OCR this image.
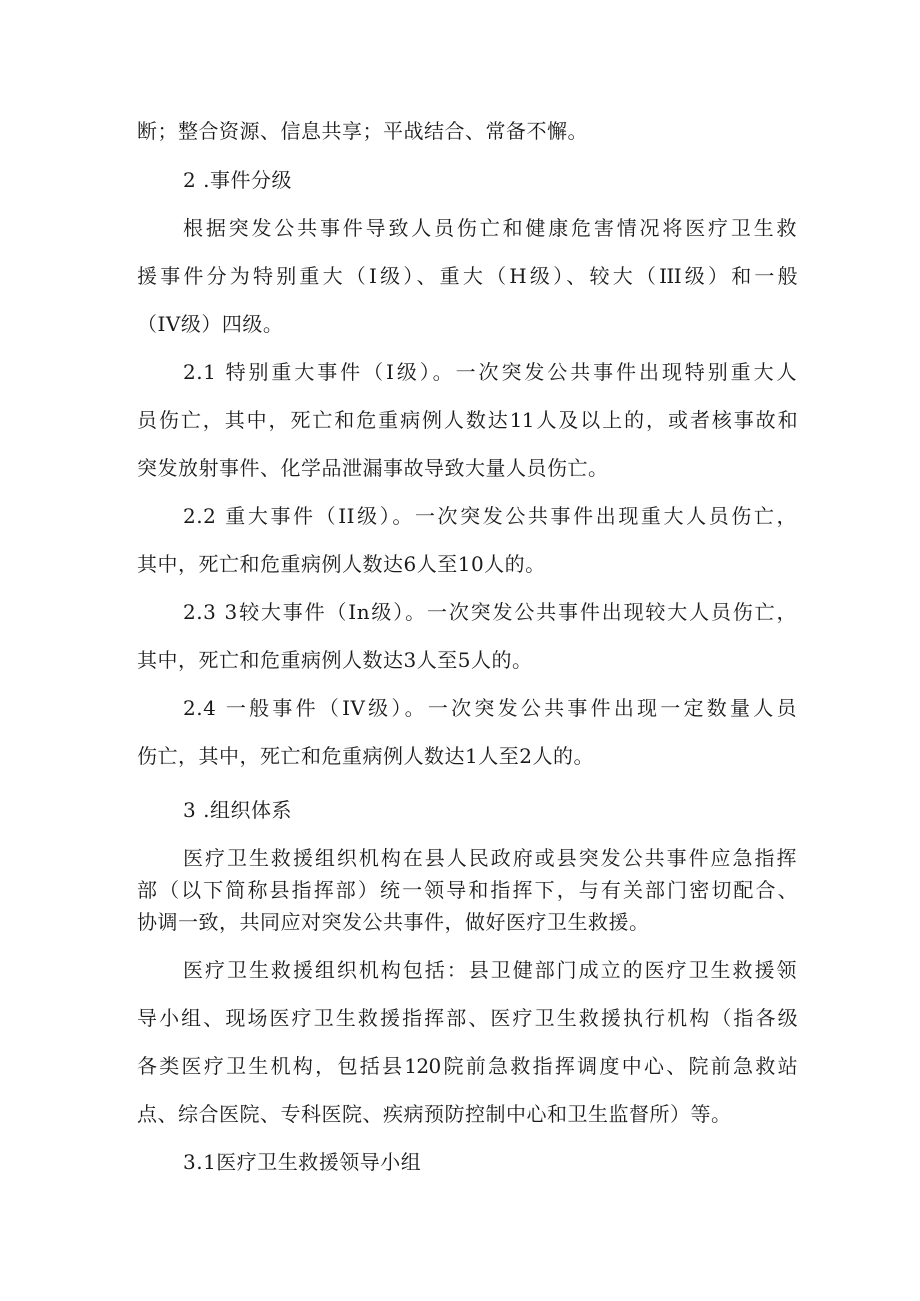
断；整合资源、信息共享；平战结合、常备不懈。
2 .事件分级
根据突发公共事件导致人员伤亡和健康危害情况将医疗卫生救
援事件分为特别重大（I级）、重大（H级）、较大（III级）和一般
（IV级）四级。
2.1 特别重大事件（I级）。一次突发公共事件出现特别重大人
员伤亡，其中，死亡和危重病例人数达11人及以上的，或者核事故和
突发放射事件、化学品泄漏事故导致大量人员伤亡。
2.2 重大事件（II级）。一次突发公共事件出现重大人员伤亡，
其中，死亡和危重病例人数达6人至10人的。
2.3 3较大事件（In级）。一次突发公共事件出现较大人员伤亡，
其中，死亡和危重病例人数达3人至5人的。
2.4 一般事件（IV级）。一次突发公共事件出现一定数量人员
伤亡，其中，死亡和危重病例人数达1人至2人的。
3 .组织体系
医疗卫生救援组织机构在县人民政府或县突发公共事件应急指挥
部（以下简称县指挥部）统一领导和指挥下，与有关部门密切配合、
协调一致，共同应对突发公共事件，做好医疗卫生救援。
医疗卫生救援组织机构包括：县卫健部门成立的医疗卫生救援领
导小组、现场医疗卫生救援指挥部、医疗卫生救援执行机构（指各级
各类医疗卫生机构，包括县120院前急救指挥调度中心、院前急救站
点、综合医院、专科医院、疾病预防控制中心和卫生监督所）等。
3.1医疗卫生救援领导小组
